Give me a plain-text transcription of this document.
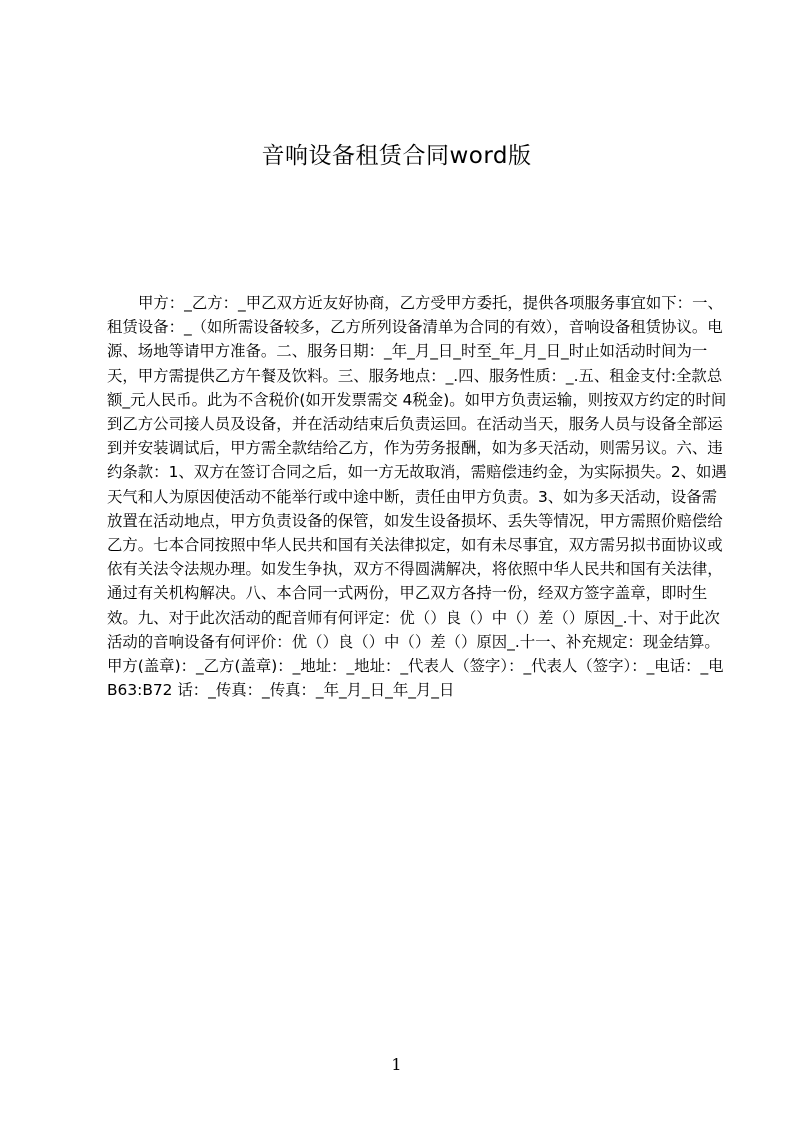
音响设备租赁合同word版
甲方：_乙方：_甲乙双方近友好协商，乙方受甲方委托，提供各项服务事宜如下：一、租赁设备：_（如所需设备较多，乙方所列设备清单为合同的有效），音响设备租赁协议。电源、场地等请甲方准备。二、服务日期：_年_月_日_时至_年_月_日_时止如活动时间为一天，甲方需提供乙方午餐及饮料。三、服务地点：_.四、服务性质：_.五、租金支付:全款总额_元人民币。此为不含税价(如开发票需交 4税金)。如甲方负责运输，则按双方约定的时间到乙方公司接人员及设备，并在活动结束后负责运回。在活动当天，服务人员与设备全部运到并安装调试后，甲方需全款结给乙方，作为劳务报酬，如为多天活动，则需另议。六、违约条款：1、双方在签订合同之后，如一方无故取消，需赔偿违约金，为实际损失。2、如遇天气和人为原因使活动不能举行或中途中断，责任由甲方负责。3、如为多天活动，设备需放置在活动地点，甲方负责设备的保管，如发生设备损坏、丢失等情况，甲方需照价赔偿给乙方。七本合同按照中华人民共和国有关法律拟定，如有未尽事宜，双方需另拟书面协议或依有关法令法规办理。如发生争执，双方不得圆满解决，将依照中华人民共和国有关法律，通过有关机构解决。八、本合同一式两份，甲乙双方各持一份，经双方签字盖章，即时生效。九、对于此次活动的配音师有何评定：优（）良（）中（）差（）原因_.十、对于此次活动的音响设备有何评价：优（）良（）中（）差（）原因_.十一、补充规定：现金结算。甲方(盖章)：_乙方(盖章)：_地址：_地址：_代表人（签字）：_代表人（签字）：_电话：_电 B63:B72 话：_传真：_传真：_年_月_日_年_月_日
1
